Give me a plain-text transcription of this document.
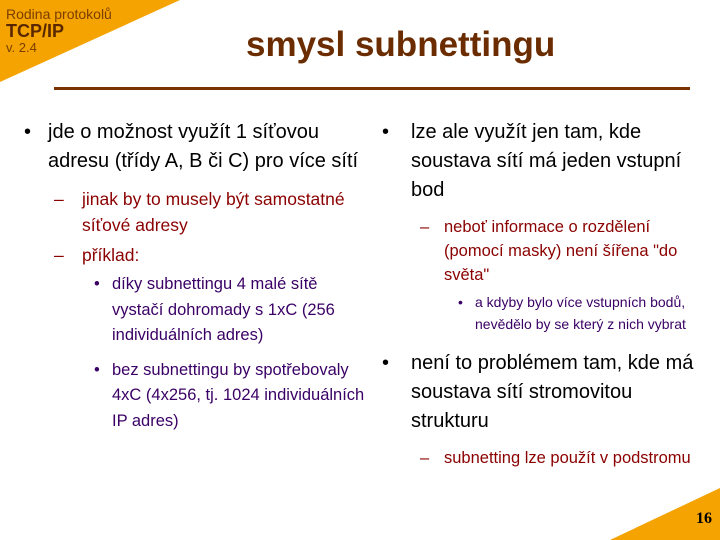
Rodina protokolů
TCP/IP
v. 2.4	smysl subnettingu
• jde o možnost využít 1 síťovou adresu (třídy A, B či C) pro více sítí
– jinak by to musely být samostatné síťové adresy
– příklad:
• díky subnettingu 4 malé sítě vystačí dohromady s 1xC (256 individuálních adres)
• bez subnettingu by spotřebovaly 4xC (4x256, tj. 1024 individuálních IP adres)
• lze ale využít jen tam, kde soustava sítí má jeden vstupní bod
– neboť informace o rozdělení (pomocí masky) není šířena "do světa"
• a kdyby bylo více vstupních bodů, nevědělo by se který z nich vybrat
• není to problémem tam, kde má soustava sítí stromovitou strukturu
– subnetting lze použít v podstromu
16
